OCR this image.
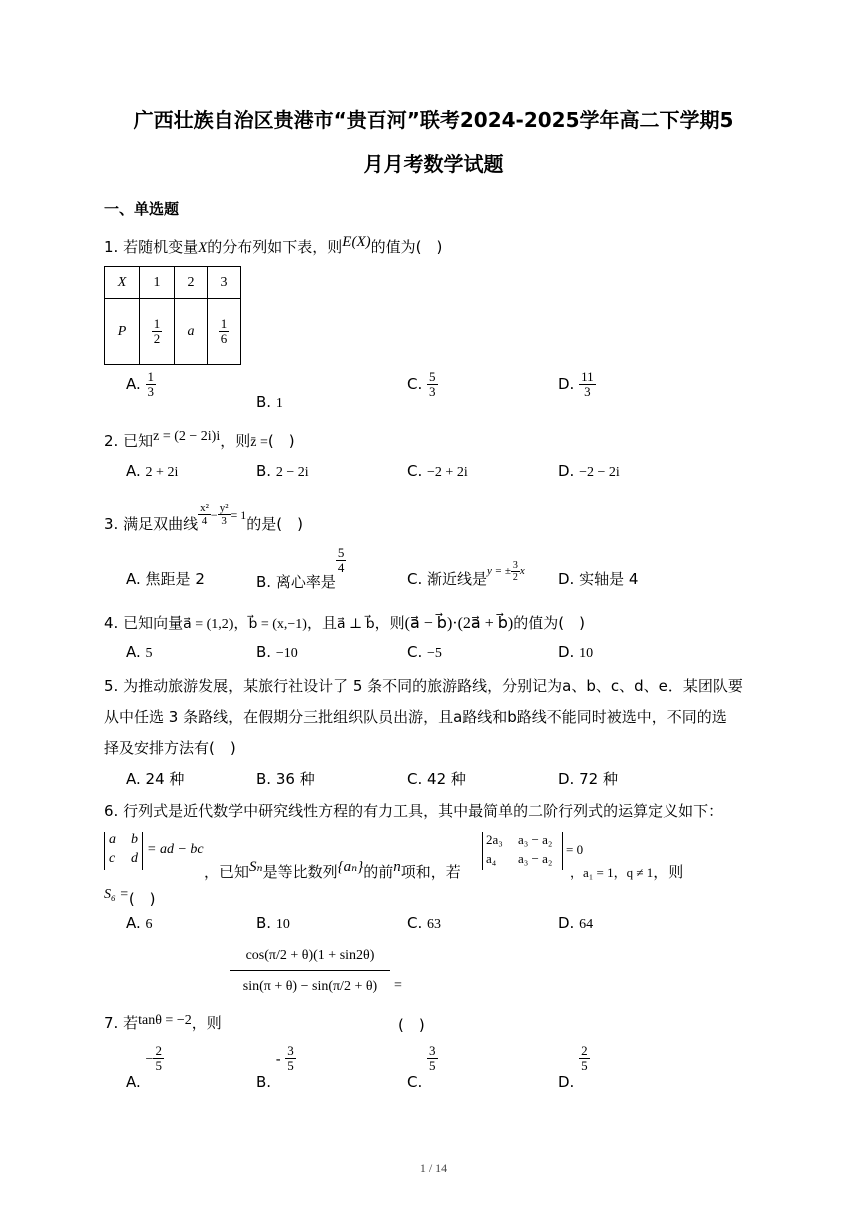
广西壮族自治区贵港市“贵百河”联考2024-2025学年高二下学期5
月月考数学试题
一、单选题
1. 若随机变量X的分布列如下表，则E(X)的值为(　)
X	1	2	3
P	$\frac{1}{2}$	a	$\frac{1}{6}$
A. $\frac{1}{3}$
B. 1
C. $\frac{5}{3}$	D. $\frac{11}{3}$
2. 已知z = (2 − 2i)i，则z̄ =(　)
A. 2 + 2i	B. 2 − 2i	C. −2 + 2i	D. −2 − 2i
3. 满足双曲线 $\frac{\text{x²}}{4} - \frac{\text{y²}}{3} = 1$的是(　)
A. 焦距是 2	B. 离心率是
$\frac{5}{4}$
C. 渐近线是$^{y = \pm \frac{3}{2} x}$ D. 实轴是 4
4. 已知向量a⃗ = (1,2)，b⃗ = (x,−1)，且a⃗ ⊥ b⃗，则(a⃗ − b⃗)·(2a⃗ + b⃗)的值为(　)
A. 5	B. −10	C. −5	D. 10
5. 为推动旅游发展，某旅行社设计了 5 条不同的旅游路线，分别记为a、b、c、d、e．某团队要
从中任选 3 条路线，在假期分三批组织队员出游，且a路线和b路线不能同时被选中，不同的选
择及安排方法有(　)
A. 24 种	B. 36 种	C. 42 种	D. 72 种
6. 行列式是近代数学中研究线性方程的有力工具，其中最简单的二阶行列式的运算定义如下：
a b
c d
= ad − bc
，已知Sₙ是等比数列{aₙ}的前n项和，若
2a₃ a₃ − a₂
a₄ a₃ − a₂
= 0
，a₁ = 1，q ≠ 1，则
S₆ =(　)
A. 6	B. 10	C. 63	D. 64
cos(π/2 + θ)(1 + sin2θ)
sin(π + θ) − sin(π/2 + θ)	=
7. 若tanθ = −2，则	(　)
A. − $\frac{2}{5}$
B. - $\frac{3}{5}$
C.
$\frac{3}{5}$
D.
$\frac{2}{5}$
1 / 14
